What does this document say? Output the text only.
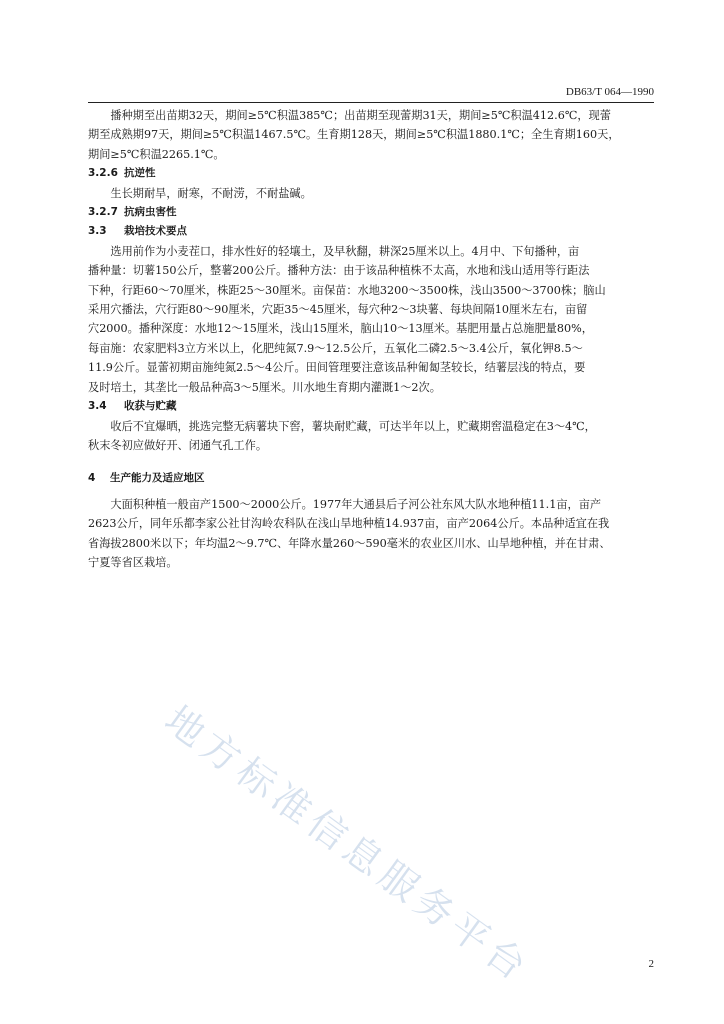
DB63/T 064—1990

播种期至出苗期32天，期间≥5℃积温385℃；出苗期至现蕾期31天，期间≥5℃积温412.6℃，现蕾
期至成熟期97天，期间≥5℃积温1467.5℃。生育期128天，期间≥5℃积温1880.1℃；全生育期160天，
期间≥5℃积温2265.1℃。

3.2.6 抗逆性

生长期耐旱，耐寒，不耐涝，不耐盐碱。

3.2.7 抗病虫害性

3.3 栽培技术要点

选用前作为小麦茬口，排水性好的轻壤土，及早秋翻，耕深25厘米以上。4月中、下旬播种，亩
播种量：切薯150公斤，整薯200公斤。播种方法：由于该品种植株不太高，水地和浅山适用等行距法
下种，行距60～70厘米，株距25～30厘米。亩保苗：水地3200～3500株，浅山3500～3700株；脑山
采用穴播法，穴行距80～90厘米，穴距35～45厘米，每穴种2～3块薯、每块间隔10厘米左右，亩留
穴2000。播种深度：水地12～15厘米，浅山15厘米，脑山10～13厘米。基肥用量占总施肥量80%，
每亩施：农家肥料3立方米以上，化肥纯氮7.9～12.5公斤，五氧化二磷2.5～3.4公斤，氧化钾8.5～
11.9公斤。显蕾初期亩施纯氮2.5～4公斤。田间管理要注意该品种匍匐茎较长，结薯层浅的特点，要
及时培土，其垄比一般品种高3～5厘米。川水地生育期内灌溉1～2次。

3.4 收获与贮藏

收后不宜爆晒，挑选完整无病薯块下窖，薯块耐贮藏，可达半年以上，贮藏期窖温稳定在3～4℃，
秋末冬初应做好开、闭通气孔工作。

4 生产能力及适应地区

大面积种植一般亩产1500～2000公斤。1977年大通县后子河公社东风大队水地种植11.1亩，亩产
2623公斤，同年乐都李家公社甘沟岭农科队在浅山旱地种植14.937亩，亩产2064公斤。本品种适宜在我
省海拔2800米以下；年均温2～9.7℃、年降水量260～590毫米的农业区川水、山旱地种植，并在甘肃、
宁夏等省区栽培。

地方标准信息服务平台	2
